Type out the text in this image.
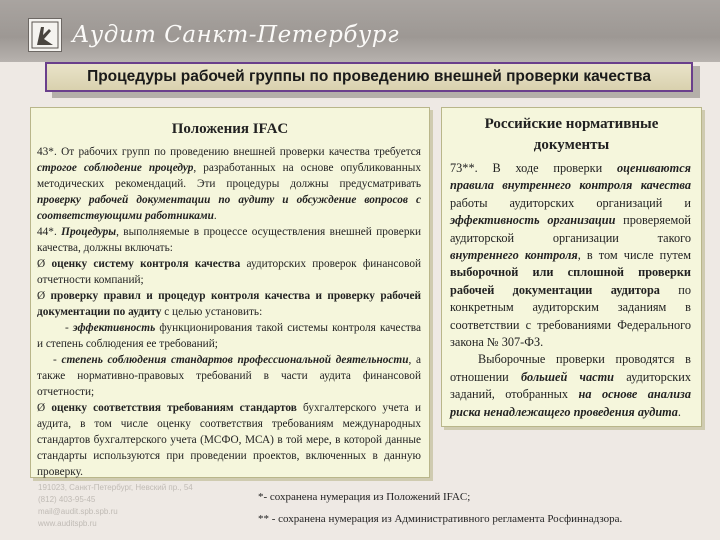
Аудит Санкт-Петербург
Процедуры рабочей группы по проведению внешней проверки качества
Положения IFAC

43*. От рабочих групп по проведению внешней проверки качества требуется строгое соблюдение процедур, разработанных на основе опубликованных методических рекомендаций. Эти процедуры должны предусматривать проверку рабочей документации по аудиту и обсуждение вопросов с соответствующими работниками.

44*. Процедуры, выполняемые в процессе осуществления внешней проверки качества, должны включать:

Ø оценку систему контроля качества аудиторских проверок финансовой отчетности компаний;

Ø проверку правил и процедур контроля качества и проверку рабочей документации по аудиту с целью установить:

- эффективность функционирования такой системы контроля качества и степень соблюдения ее требований;

- степень соблюдения стандартов профессиональной деятельности, а также нормативно-правовых требований в части аудита финансовой отчетности;

Ø оценку соответствия требованиям стандартов бухгалтерского учета и аудита, в том числе оценку соответствия требованиям международных стандартов бухгалтерского учета (МСФО, МСА) в той мере, в которой данные стандарты используются при проведении проектов, включенных в данную проверку.

Российские нормативные документы

73**. В ходе проверки оцениваются правила внутреннего контроля качества работы аудиторских организаций и эффективность организации проверяемой аудиторской организации такого внутреннего контроля, в том числе путем выборочной или сплошной проверки рабочей документации аудитора по конкретным аудиторским заданиям в соответствии с требованиями Федерального закона № 307-ФЗ.

Выборочные проверки проводятся в отношении большей части аудиторских заданий, отобранных на основе анализа риска ненадлежащего проведения аудита.

191023, Санкт-Петербург, Невский пр., 54
(812) 403-95-45
mail@audit.spb.spb.ru
www.auditspb.ru
*- сохранена нумерация из Положений IFAC;
** - сохранена нумерация из Административного регламента Росфиннадзора.
